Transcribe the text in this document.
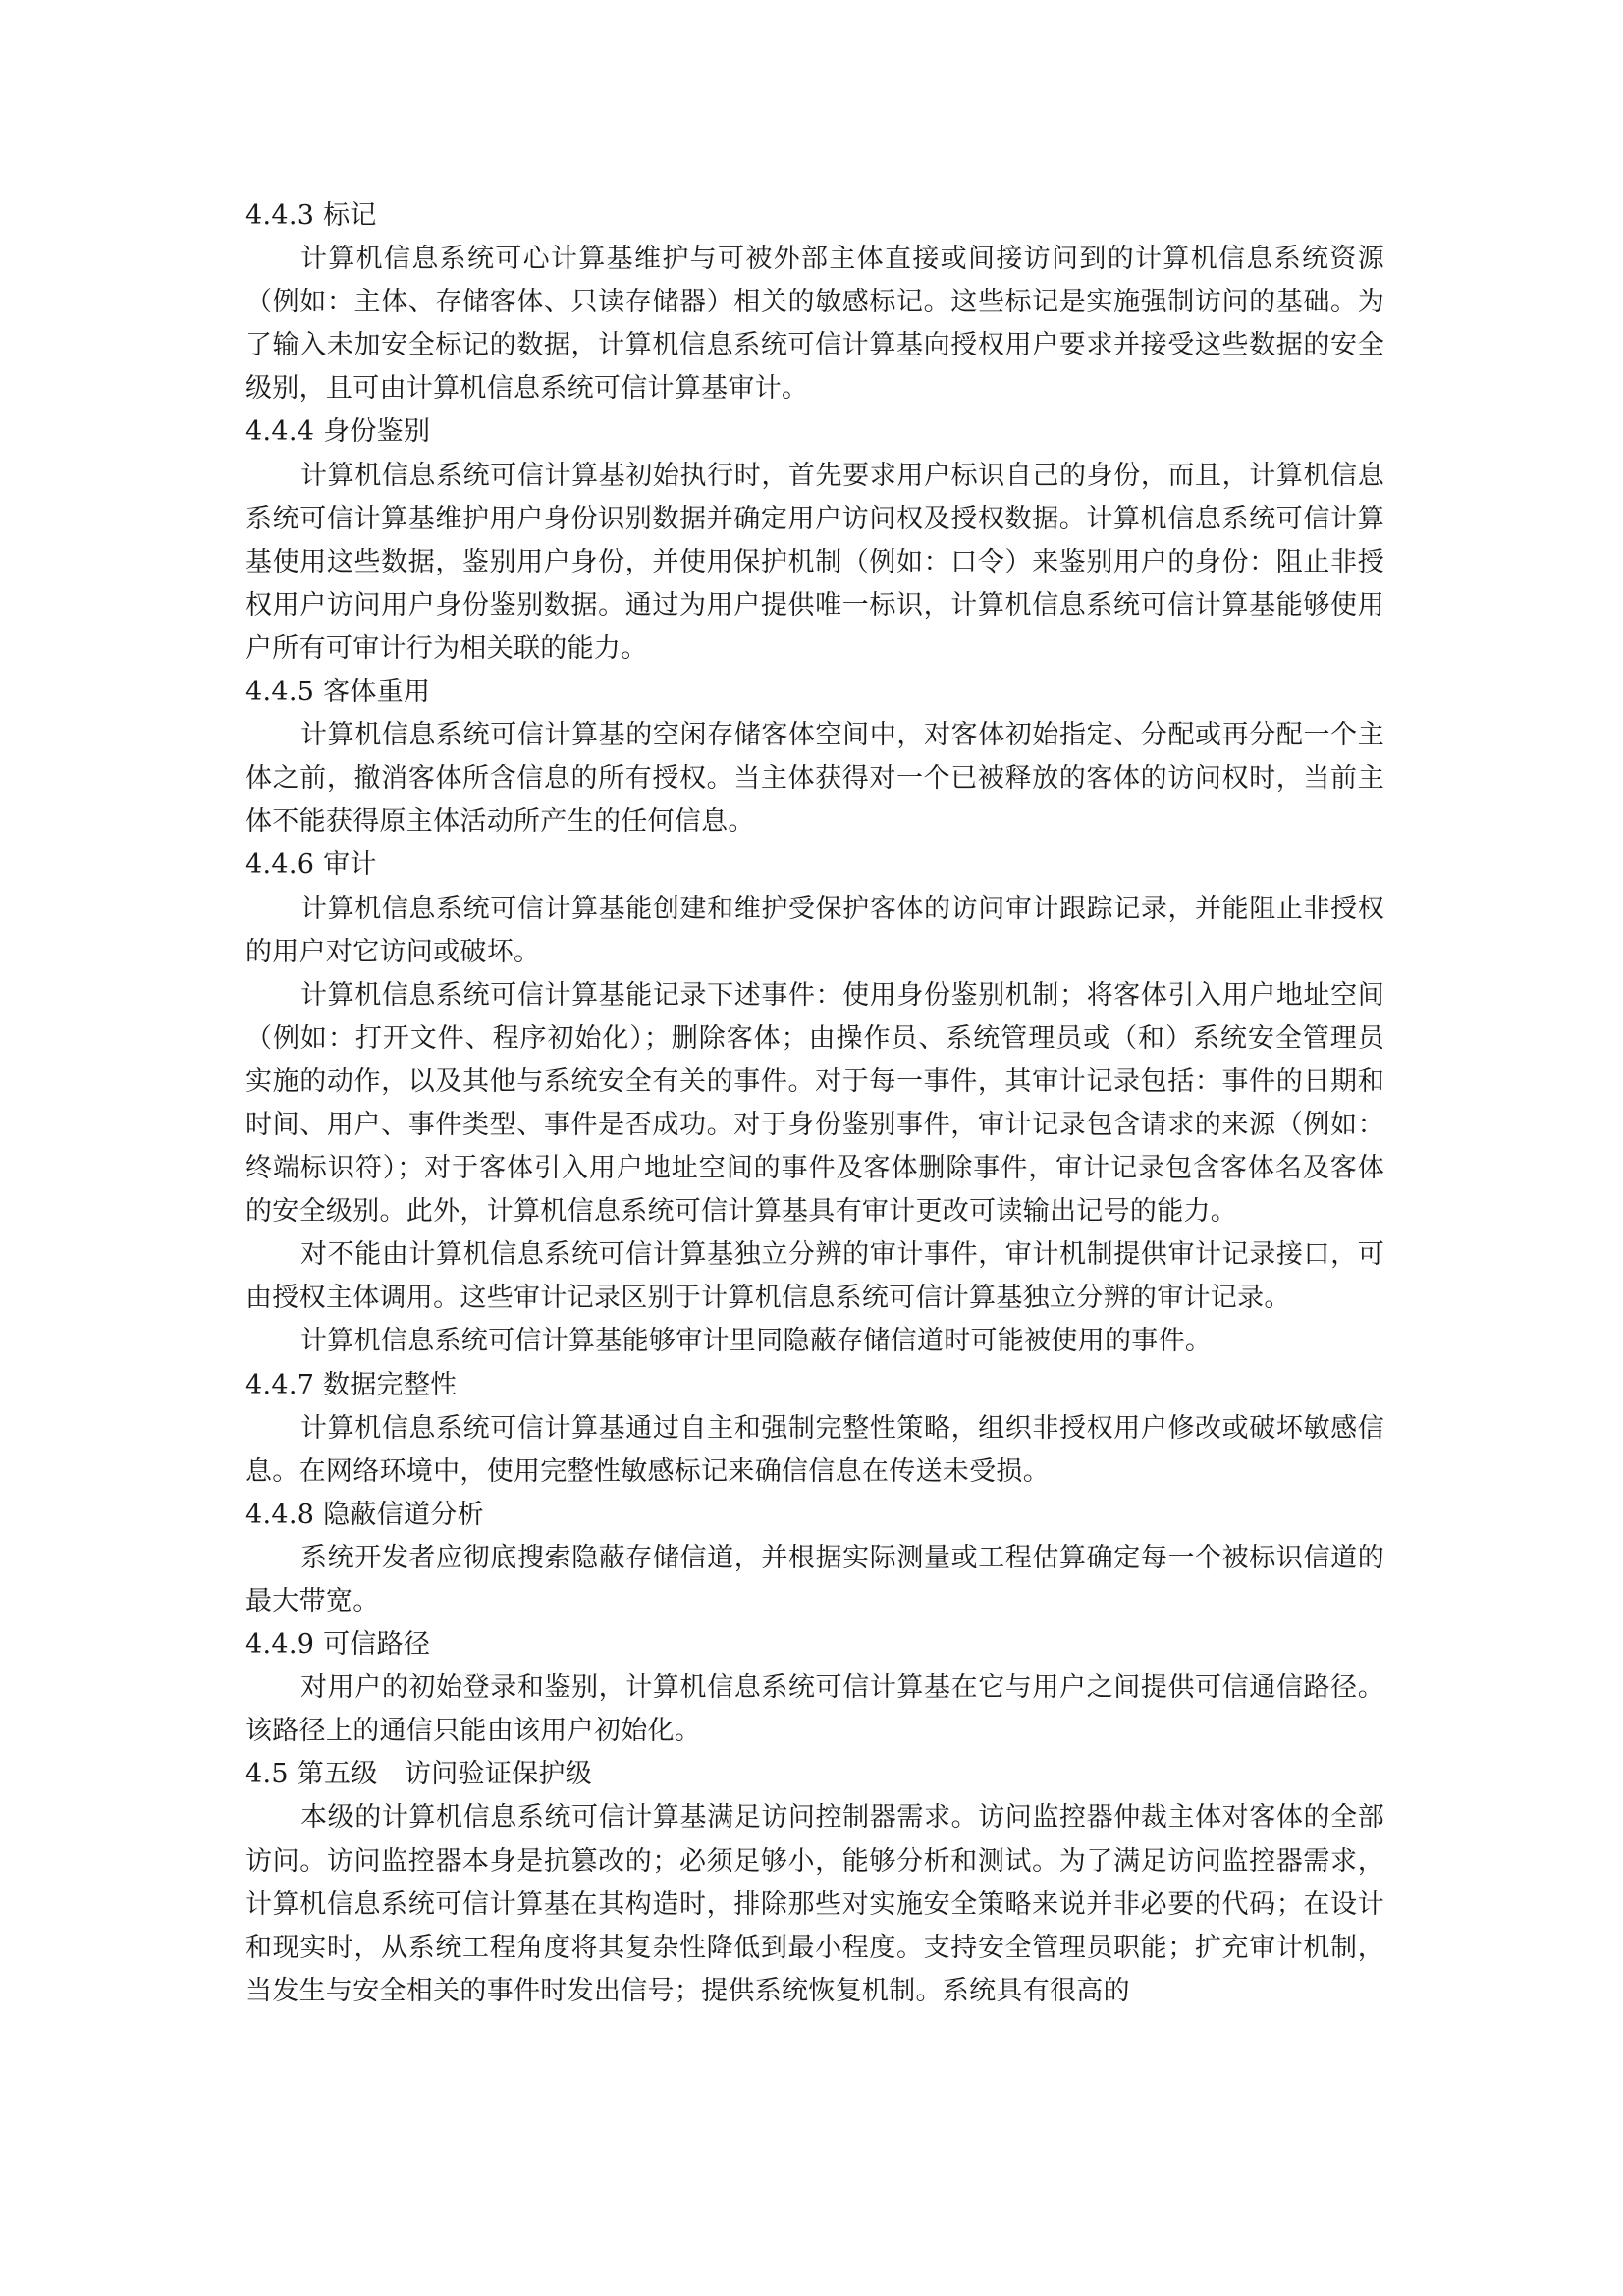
4.4.3 标记

计算机信息系统可心计算基维护与可被外部主体直接或间接访问到的计算机信息系统资源（例如：主体、存储客体、只读存储器）相关的敏感标记。这些标记是实施强制访问的基础。为了输入未加安全标记的数据，计算机信息系统可信计算基向授权用户要求并接受这些数据的安全级别，且可由计算机信息系统可信计算基审计。

4.4.4 身份鉴别

计算机信息系统可信计算基初始执行时，首先要求用户标识自己的身份，而且，计算机信息系统可信计算基维护用户身份识别数据并确定用户访问权及授权数据。计算机信息系统可信计算基使用这些数据，鉴别用户身份，并使用保护机制（例如：口令）来鉴别用户的身份：阻止非授权用户访问用户身份鉴别数据。通过为用户提供唯一标识，计算机信息系统可信计算基能够使用户所有可审计行为相关联的能力。

4.4.5 客体重用

计算机信息系统可信计算基的空闲存储客体空间中，对客体初始指定、分配或再分配一个主体之前，撤消客体所含信息的所有授权。当主体获得对一个已被释放的客体的访问权时，当前主体不能获得原主体活动所产生的任何信息。

4.4.6 审计

计算机信息系统可信计算基能创建和维护受保护客体的访问审计跟踪记录，并能阻止非授权的用户对它访问或破坏。

计算机信息系统可信计算基能记录下述事件：使用身份鉴别机制；将客体引入用户地址空间（例如：打开文件、程序初始化）；删除客体；由操作员、系统管理员或（和）系统安全管理员实施的动作，以及其他与系统安全有关的事件。对于每一事件，其审计记录包括：事件的日期和时间、用户、事件类型、事件是否成功。对于身份鉴别事件，审计记录包含请求的来源（例如：终端标识符）；对于客体引入用户地址空间的事件及客体删除事件，审计记录包含客体名及客体的安全级别。此外，计算机信息系统可信计算基具有审计更改可读输出记号的能力。

对不能由计算机信息系统可信计算基独立分辨的审计事件，审计机制提供审计记录接口，可由授权主体调用。这些审计记录区别于计算机信息系统可信计算基独立分辨的审计记录。

计算机信息系统可信计算基能够审计里同隐蔽存储信道时可能被使用的事件。

4.4.7 数据完整性

计算机信息系统可信计算基通过自主和强制完整性策略，组织非授权用户修改或破坏敏感信息。在网络环境中，使用完整性敏感标记来确信信息在传送未受损。

4.4.8 隐蔽信道分析

系统开发者应彻底搜索隐蔽存储信道，并根据实际测量或工程估算确定每一个被标识信道的最大带宽。

4.4.9 可信路径

对用户的初始登录和鉴别，计算机信息系统可信计算基在它与用户之间提供可信通信路径。该路径上的通信只能由该用户初始化。

4.5 第五级　访问验证保护级

本级的计算机信息系统可信计算基满足访问控制器需求。访问监控器仲裁主体对客体的全部访问。访问监控器本身是抗篡改的；必须足够小，能够分析和测试。为了满足访问监控器需求，计算机信息系统可信计算基在其构造时，排除那些对实施安全策略来说并非必要的代码；在设计和现实时，从系统工程角度将其复杂性降低到最小程度。支持安全管理员职能；扩充审计机制，当发生与安全相关的事件时发出信号；提供系统恢复机制。系统具有很高的
